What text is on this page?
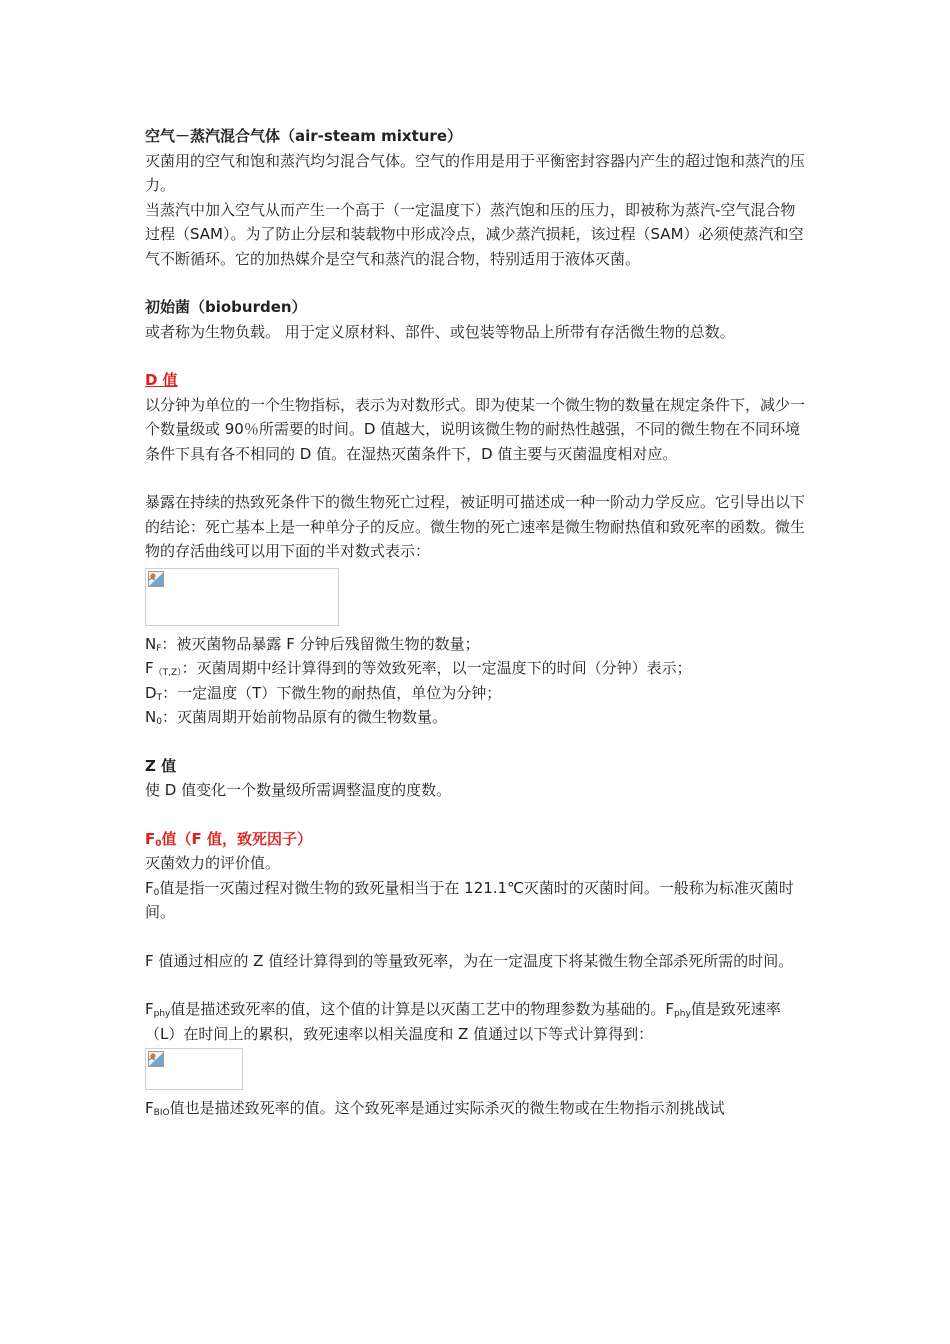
空气－蒸汽混合气体（air-steam mixture）

灭菌用的空气和饱和蒸汽均匀混合气体。空气的作用是用于平衡密封容器内产生的超过饱和蒸汽的压力。

当蒸汽中加入空气从而产生一个高于（一定温度下）蒸汽饱和压的压力，即被称为蒸汽-空气混合物过程（SAM）。为了防止分层和装载物中形成冷点，减少蒸汽损耗，该过程（SAM）必须使蒸汽和空气不断循环。它的加热媒介是空气和蒸汽的混合物，特别适用于液体灭菌。

初始菌（bioburden）

或者称为生物负载。 用于定义原材料、部件、或包装等物品上所带有存活微生物的总数。

D 值

以分钟为单位的一个生物指标，表示为对数形式。即为使某一个微生物的数量在规定条件下，减少一个数量级或 90％所需要的时间。D 值越大，说明该微生物的耐热性越强，不同的微生物在不同环境条件下具有各不相同的 D 值。在湿热灭菌条件下，D 值主要与灭菌温度相对应。

暴露在持续的热致死条件下的微生物死亡过程，被证明可描述成一种一阶动力学反应。它引导出以下的结论：死亡基本上是一种单分子的反应。微生物的死亡速率是微生物耐热值和致死率的函数。微生物的存活曲线可以用下面的半对数式表示：

$N_F$：被灭菌物品暴露 F 分钟后残留微生物的数量；

$F_{(T,Z)}$：灭菌周期中经计算得到的等效致死率，以一定温度下的时间（分钟）表示；

$D_T$：一定温度（T）下微生物的耐热值，单位为分钟；

$N_0$：灭菌周期开始前物品原有的微生物数量。

Z 值

使 D 值变化一个数量级所需调整温度的度数。

$F_0$值（F 值，致死因子）

灭菌效力的评价值。

$F_0$值是指一灭菌过程对微生物的致死量相当于在 121.1℃灭菌时的灭菌时间。一般称为标准灭菌时间。

F 值通过相应的 Z 值经计算得到的等量致死率，为在一定温度下将某微生物全部杀死所需的时间。

$F_{phy}$值是描述致死率的值，这个值的计算是以灭菌工艺中的物理参数为基础的。$F_{phy}$值是致死速率（L）在时间上的累积，致死速率以相关温度和 Z 值通过以下等式计算得到：

$F_{BIO}$值也是描述致死率的值。这个致死率是通过实际杀灭的微生物或在生物指示剂挑战试
